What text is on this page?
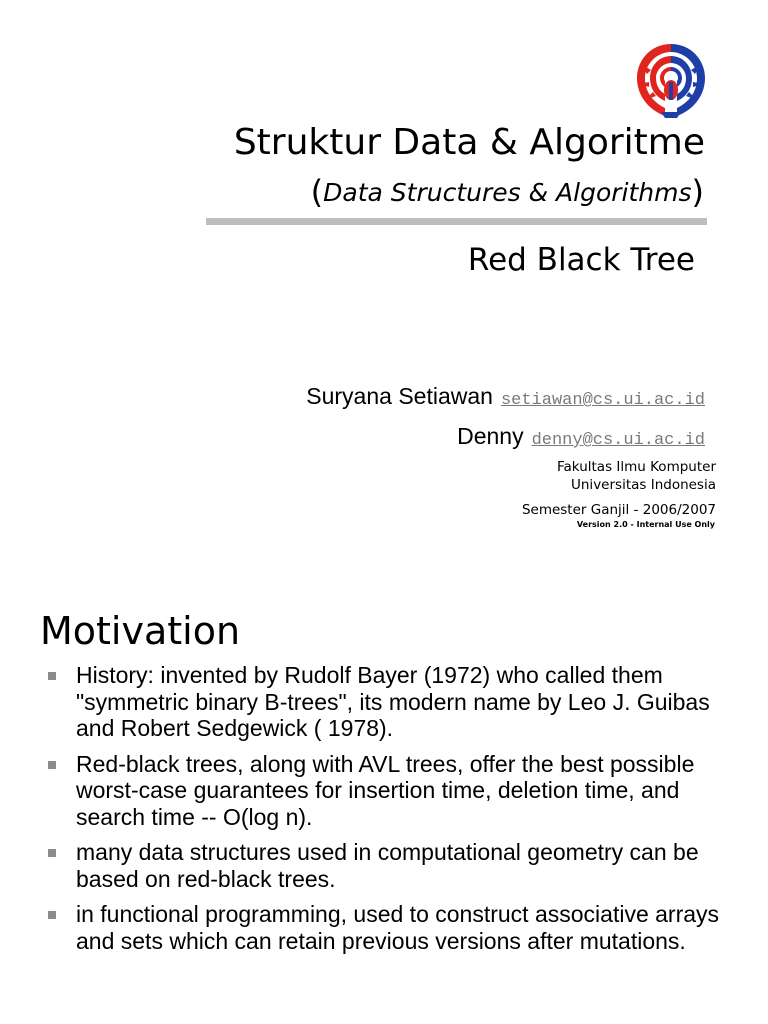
Struktur Data & Algoritme
(Data Structures & Algorithms)
Red Black Tree
Suryana Setiawan setiawan@cs.ui.ac.id
Denny denny@cs.ui.ac.id
Fakultas Ilmu Komputer
Universitas Indonesia
Semester Ganjil - 2006/2007
Version 2.0 - Internal Use Only
Motivation
History: invented by Rudolf Bayer (1972) who called them "symmetric binary B-trees", its modern name by Leo J. Guibas and Robert Sedgewick ( 1978).
Red-black trees, along with AVL trees, offer the best possible worst-case guarantees for insertion time, deletion time, and search time -- O(log n).
many data structures used in computational geometry can be based on red-black trees.
in functional programming, used to construct associative arrays and sets which can retain previous versions after mutations.
